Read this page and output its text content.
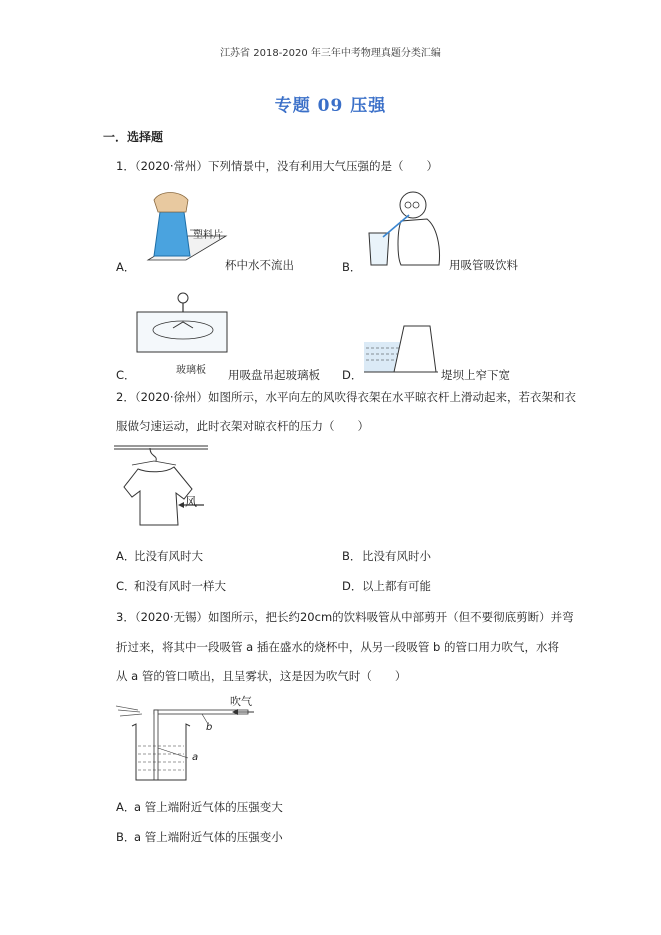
江苏省 2018-2020 年三年中考物理真题分类汇编
专题 09 压强
一．选择题
1．（2020·常州）下列情景中，没有利用大气压强的是（　　）
塑料片
A．	杯中水不流出	B．	用吸管吸饮料
玻璃板
C．	用吸盘吊起玻璃板 D．	堤坝上窄下宽
2．（2020·徐州）如图所示，水平向左的风吹得衣架在水平晾衣杆上滑动起来，若衣架和衣
服做匀速运动，此时衣架对晾衣杆的压力（　　）
风
A．
比没有风时大	B． 比没有风时小
C．
和没有风时一样大	D． 以上都有可能
3．（2020·无锡）如图所示，把长约20cm的饮料吸管从中部剪开（但不要彻底剪断）并弯
折过来，将其中一段吸管 a 插在盛水的烧杯中，从另一段吸管 b 的管口用力吹气，水将
从 a 管的管口喷出，且呈雾状，这是因为吹气时（　　）
吹气
a
b
A．
a 管上端附近气体的压强变大
B．
a 管上端附近气体的压强变小
